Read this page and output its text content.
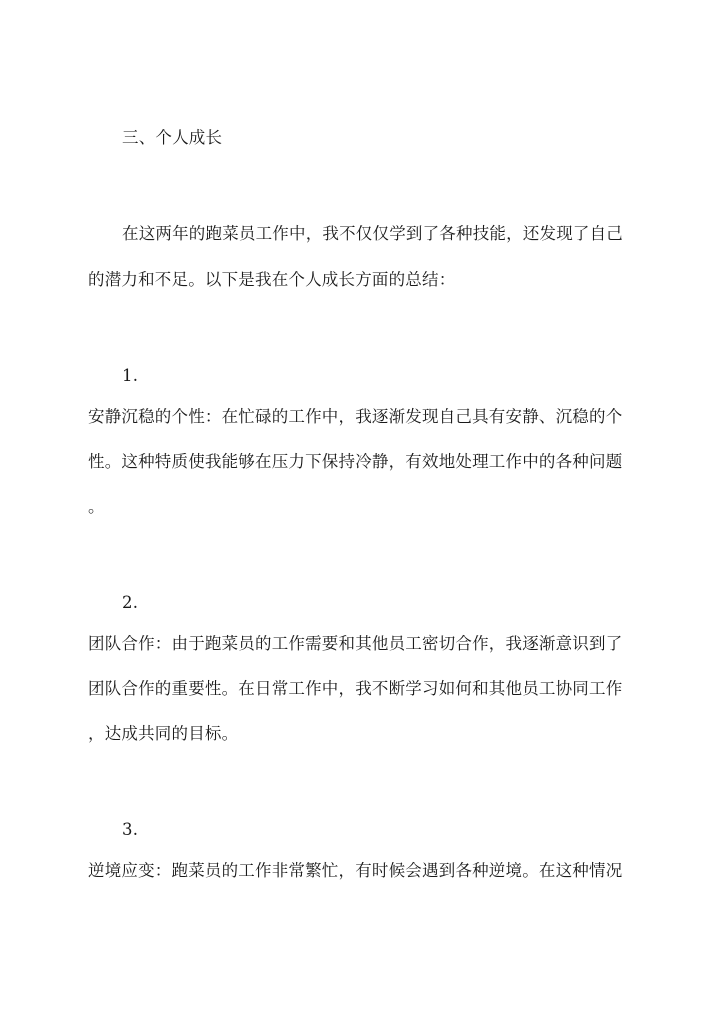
三、个人成长
在这两年的跑菜员工作中，我不仅仅学到了各种技能，还发现了自己
的潜力和不足。以下是我在个人成长方面的总结：
1.
安静沉稳的个性：在忙碌的工作中，我逐渐发现自己具有安静、沉稳的个
性。这种特质使我能够在压力下保持冷静，有效地处理工作中的各种问题
。
2.
团队合作：由于跑菜员的工作需要和其他员工密切合作，我逐渐意识到了
团队合作的重要性。在日常工作中，我不断学习如何和其他员工协同工作
，达成共同的目标。
3.
逆境应变：跑菜员的工作非常繁忙，有时候会遇到各种逆境。在这种情况
